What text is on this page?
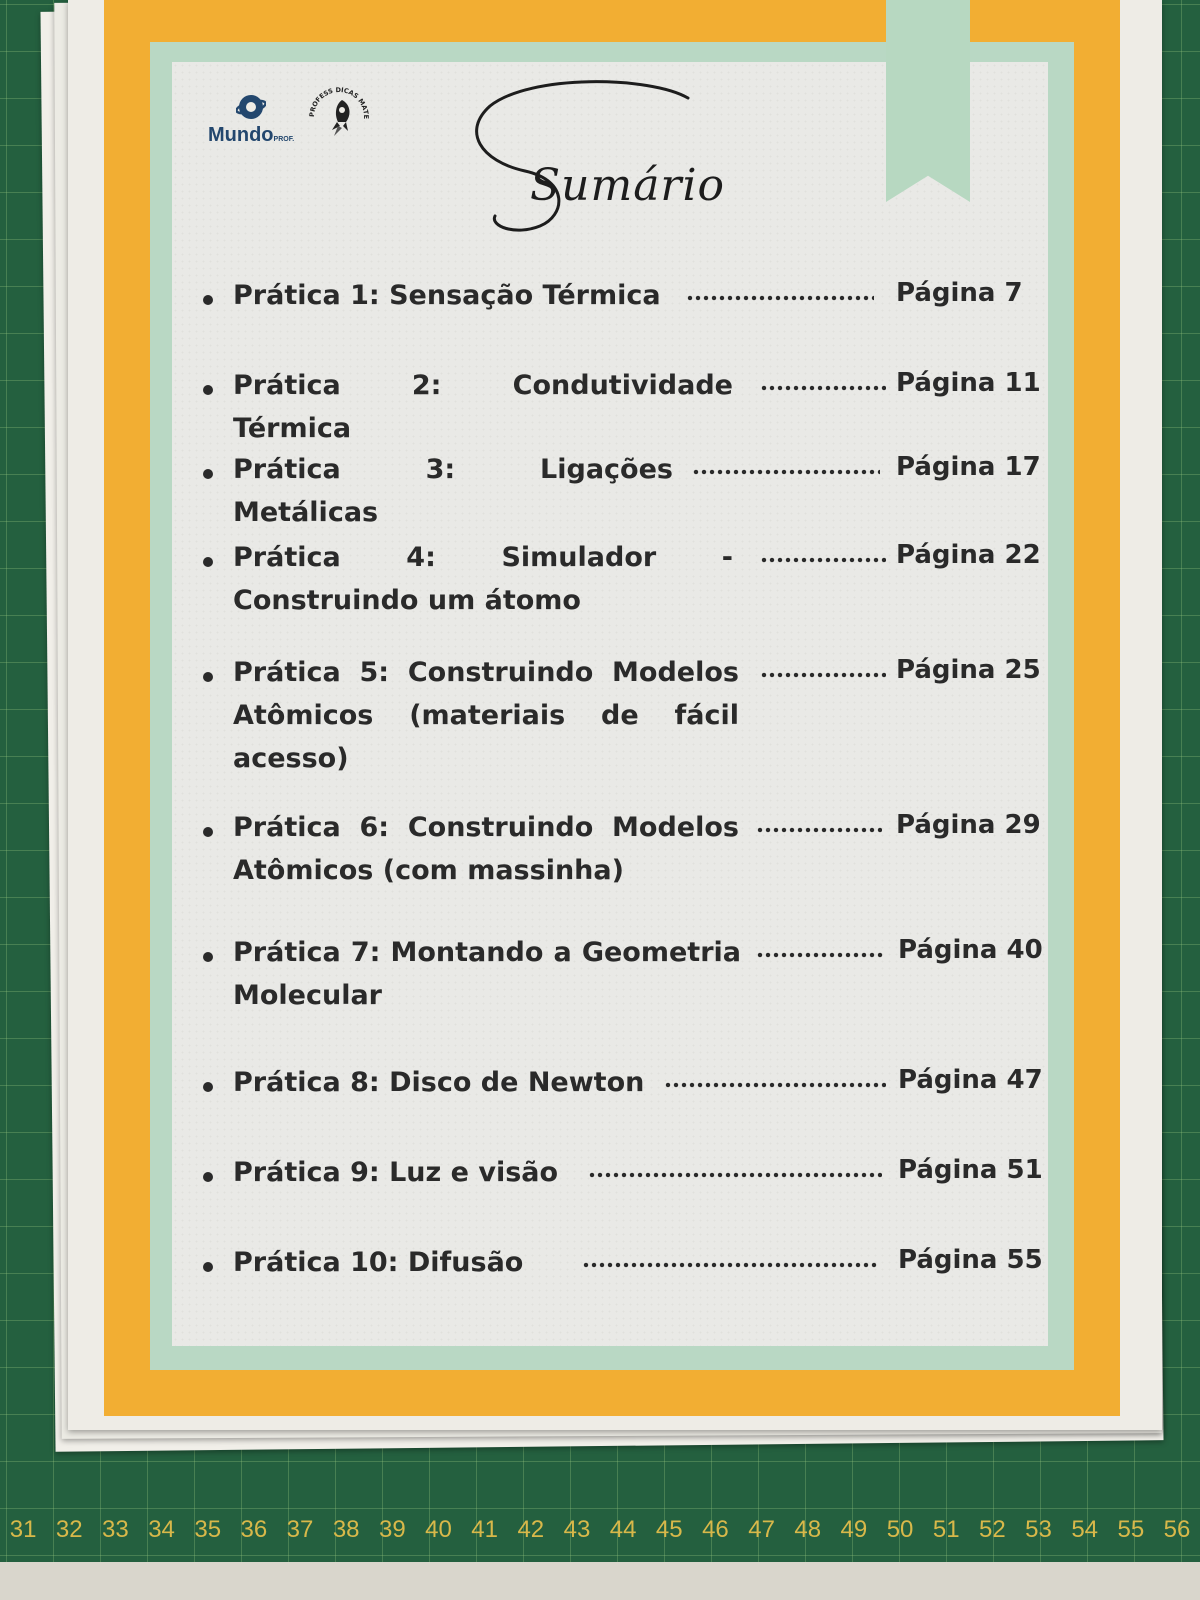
31 32 33 34 35 36 37 38 39 40 41 42 43 44 45 46 47 48 49 50 51 52 53 54 55 56
MundoPROF.
PROFESS DICAS MATE
Sumário
Prática 1: Sensação Térmica	Página 7
Prática 2: Condutividade Térmica
Página 11
Prática 3: Ligações Metálicas
Página 17
Prática 4: Simulador - Construindo um átomo
Página 22
Prática 5: Construindo Modelos Atômicos (materiais de fácil acesso)
Página 25
Prática 6: Construindo Modelos Atômicos (com massinha)
Página 29
Prática 7: Montando a Geometria Molecular
Página 40
Prática 8: Disco de Newton	Página 47
Prática 9: Luz e visão	Página 51
Prática 10: Difusão	Página 55
